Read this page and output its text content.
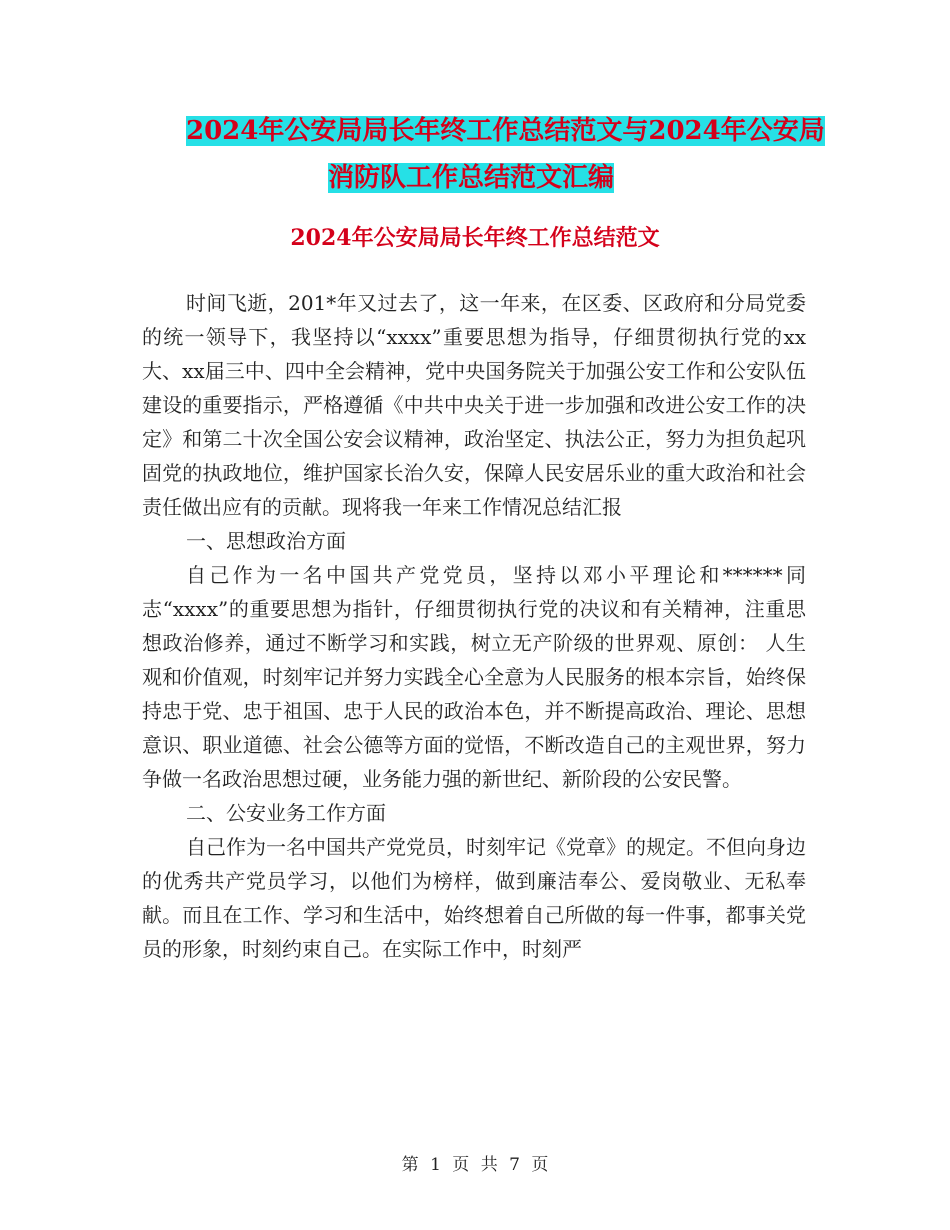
2024年公安局局长年终工作总结范文与2024年公安局
消防队工作总结范文汇编
2024年公安局局长年终工作总结范文

时间飞逝，201*年又过去了，这一年来，在区委、区政府和分局党委的统一领导下，我坚持以“xxxx”重要思想为指导，仔细贯彻执行党的xx大、xx届三中、四中全会精神，党中央国务院关于加强公安工作和公安队伍建设的重要指示，严格遵循《中共中央关于进一步加强和改进公安工作的决定》和第二十次全国公安会议精神，政治坚定、执法公正，努力为担负起巩固党的执政地位，维护国家长治久安，保障人民安居乐业的重大政治和社会责任做出应有的贡献。现将我一年来工作情况总结汇报

一、思想政治方面

自己作为一名中国共产党党员，坚持以邓小平理论和******同志“xxxx”的重要思想为指针，仔细贯彻执行党的决议和有关精神，注重思想政治修养，通过不断学习和实践，树立无产阶级的世界观、原创： 人生观和价值观，时刻牢记并努力实践全心全意为人民服务的根本宗旨，始终保持忠于党、忠于祖国、忠于人民的政治本色，并不断提高政治、理论、思想意识、职业道德、社会公德等方面的觉悟，不断改造自己的主观世界，努力争做一名政治思想过硬，业务能力强的新世纪、新阶段的公安民警。

二、公安业务工作方面

自己作为一名中国共产党党员，时刻牢记《党章》的规定。不但向身边的优秀共产党员学习，以他们为榜样，做到廉洁奉公、爱岗敬业、无私奉献。而且在工作、学习和生活中，始终想着自己所做的每一件事，都事关党员的形象，时刻约束自己。在实际工作中，时刻严

第 1 页 共 7 页
